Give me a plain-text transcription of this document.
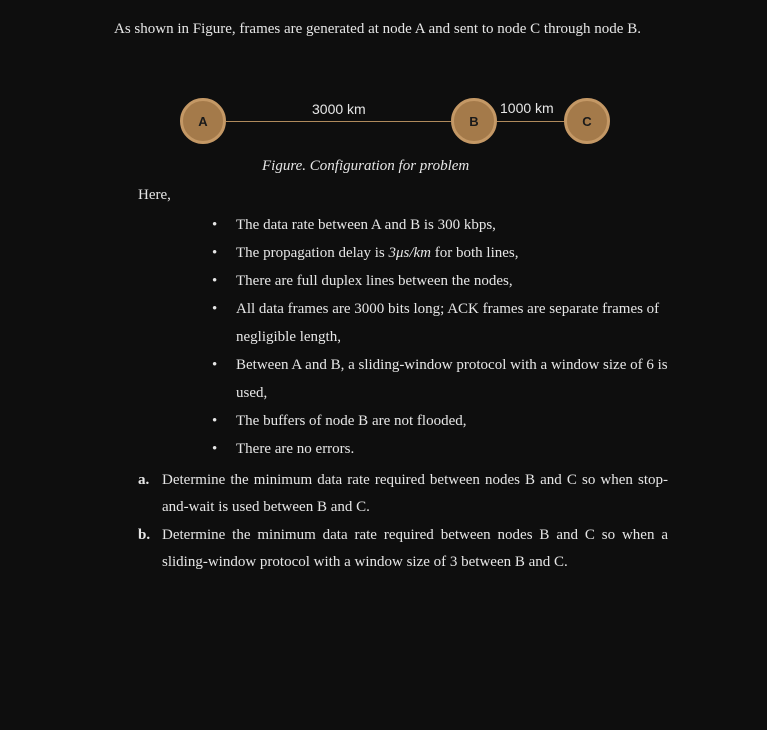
As shown in Figure, frames are generated at node A and sent to node C through node B.

A	B	C
3000 km	1000 km
Figure. Configuration for problem

Here,

• The data rate between A and B is 300 kbps,
• The propagation delay is 3μs/km for both lines,
• There are full duplex lines between the nodes,
• All data frames are 3000 bits long; ACK frames are separate frames of negligible length,
• Between A and B, a sliding-window protocol with a window size of 6 is used,
• The buffers of node B are not flooded,
• There are no errors.
a. Determine the minimum data rate required between nodes B and C so when stop-and-wait is used between B and C.
b. Determine the minimum data rate required between nodes B and C so when a sliding-window protocol with a window size of 3 between B and C.
